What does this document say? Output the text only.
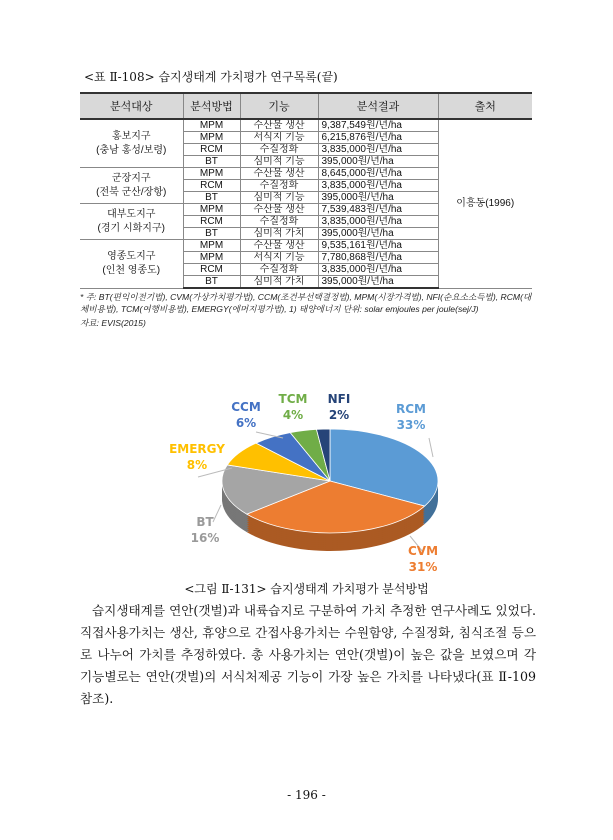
<표 Ⅱ-108> 습지생태계 가치평가 연구목록(끝)
분석대상	분석방법	기능	분석결과	출처

홍보지구
(충남 홍성/보령)	MPM	수산물 생산	9,387,549원/년/ha	이흥동(1996)
	MPM	서식지 기능	6,215,876원/년/ha	
	RCM	수질정화	3,835,000원/년/ha	
	BT	심미적 기능	395,000원/년/ha	

군장지구
(전북 군산/장항)	MPM	수산물 생산	8,645,000원/년/ha	
	RCM	수질정화	3,835,000원/년/ha	
	BT	심미적 기능	395,000원/년/ha	

대부도지구
(경기 시화지구)	MPM	수산물 생산	7,539,483원/년/ha	
	RCM	수질정화	3,835,000원/년/ha	
	BT	심미적 가치	395,000원/년/ha	

영종도지구
(인천 영종도)	MPM	수산물 생산	9,535,161원/년/ha	
	MPM	서식지 기능	7,780,868원/년/ha	
	RCM	수질정화	3,835,000원/년/ha	
	BT	심미적 가치	395,000원/년/ha	
* 주: BT(편익이전기법), CVM(가상가치평가법), CCM(조건부선택결정법), MPM(시장가격법), NFI(순요소소득법), RCM(대체비용법), TCM(여행비용법), EMERGY(에머지평가법), 1) 태양에너지 단위: solar emjoules per joule(sej/J)
자료: EVIS(2015)
RCM
33%
CVM
31%
BT
16%
EMERGY
8%
CCM
6%
TCM
4%
NFI
2%
<그림 Ⅱ-131> 습지생태계 가치평가 분석방법
습지생태계를 연안(갯벌)과 내륙습지로 구분하여 가치 추정한 연구사례도 있었다. 직접사용가치는 생산, 휴양으로 간접사용가치는 수원함양, 수질정화, 침식조절 등으로 나누어 가치를 추정하였다. 총 사용가치는 연안(갯벌)이 높은 값을 보였으며 각 기능별로는 연안(갯벌)의 서식처제공 기능이 가장 높은 가치를 나타냈다(표 Ⅱ-109 참조).
- 196 -
